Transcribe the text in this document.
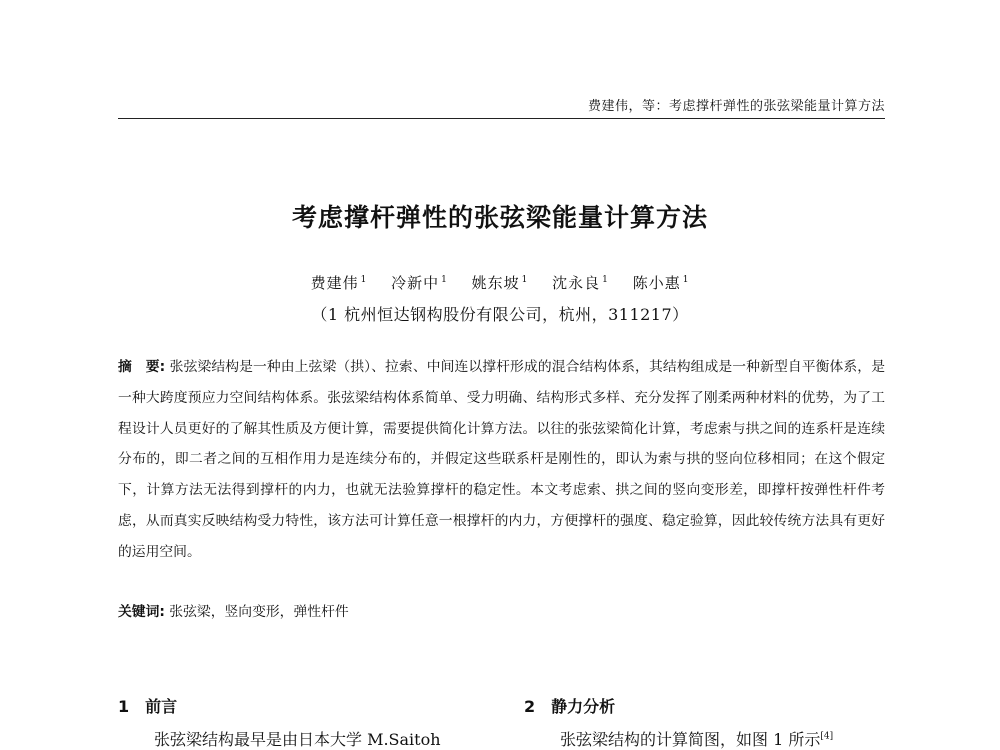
费建伟，等：考虑撑杆弹性的张弦梁能量计算方法
考虑撑杆弹性的张弦梁能量计算方法
费建伟 $^1$ 冷新中 $^1$ 姚东坡 $^1$ 沈永良 $^1$ 陈小惠 $^1$
（1 杭州恒达钢构股份有限公司，杭州，311217）
摘　要: 张弦梁结构是一种由上弦梁（拱）、拉索、中间连以撑杆形成的混合结构体系，其结构组成是一种新型自平衡体系，是一种大跨度预应力空间结构体系。张弦梁结构体系简单、受力明确、结构形式多样、充分发挥了刚柔两种材料的优势，为了工程设计人员更好的了解其性质及方便计算，需要提供简化计算方法。以往的张弦梁简化计算，考虑索与拱之间的连系杆是连续分布的，即二者之间的互相作用力是连续分布的，并假定这些联系杆是刚性的，即认为索与拱的竖向位移相同；在这个假定下，计算方法无法得到撑杆的内力，也就无法验算撑杆的稳定性。本文考虑索、拱之间的竖向变形差，即撑杆按弹性杆件考虑，从而真实反映结构受力特性，该方法可计算任意一根撑杆的内力，方便撑杆的强度、稳定验算，因此较传统方法具有更好的运用空间。
关键词: 张弦梁，竖向变形，弹性杆件
1 前言	2 静力分析
张弦梁结构最早是由日本大学 M.Saitoh	张弦梁结构的计算简图，如图 1 所示[4]
